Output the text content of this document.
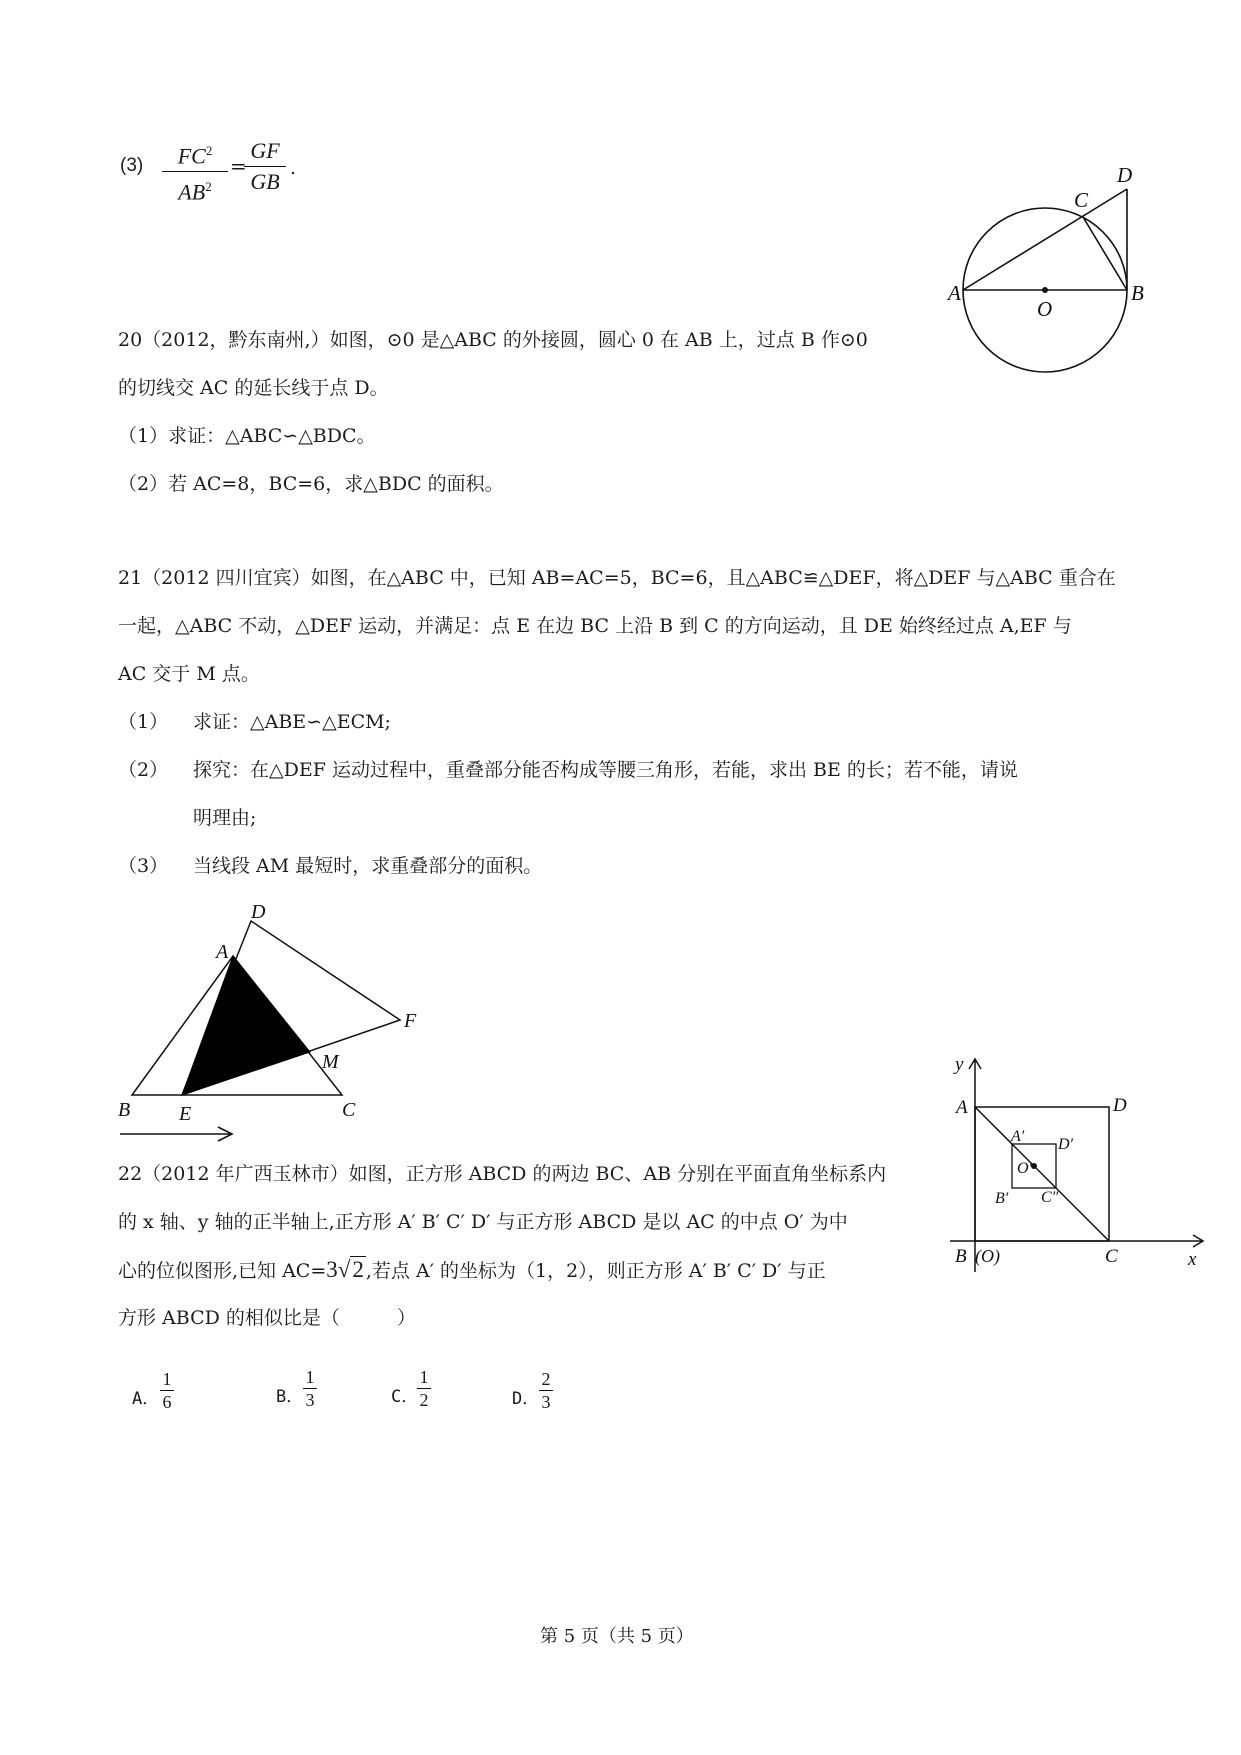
(3)	$FC^2$
$AB^2$
=
GF
GB
.
A	B
C
D
O
20（2012，黔东南州,）如图，⊙0 是△ABC 的外接圆，圆心 0 在 AB 上，过点 B 作⊙0
的切线交 AC 的延长线于点 D。
（1）求证：△ABC∽△BDC。
（2）若 AC=8，BC=6，求△BDC 的面积。
21（2012 四川宜宾）如图，在△ABC 中，已知 AB=AC=5，BC=6，且△ABC≌△DEF，将△DEF 与△ABC 重合在
一起，△ABC 不动，△DEF 运动，并满足：点 E 在边 BC 上沿 B 到 C 的方向运动，且 DE 始终经过点 A,EF 与
AC 交于 M 点。
（1） 求证：△ABE∽△ECM;
（2） 探究：在△DEF 运动过程中，重叠部分能否构成等腰三角形，若能，求出 BE 的长；若不能，请说
明理由;
（3） 当线段 AM 最短时，求重叠部分的面积。
A
D
F
M
B E	C
y
x
A	D
A′ D′
O′
B′ C″
B (O)	C
22（2012 年广西玉林市）如图，正方形 ABCD 的两边 BC、AB 分别在平面直角坐标系内
的 x 轴、y 轴的正半轴上,正方形 A′ B′ C′ D′ 与正方形 ABCD 是以 AC 的中点 O′ 为中
心的位似图形,已知 AC=3√2 ,若点 A′ 的坐标为（1，2），则正方形 A′ B′ C′ D′ 与正
方形 ABCD 的相似比是（　　　）
A．
1
6	B．
1
3	C．
1
2	D．
2
3
第 5 页（共 5 页）
